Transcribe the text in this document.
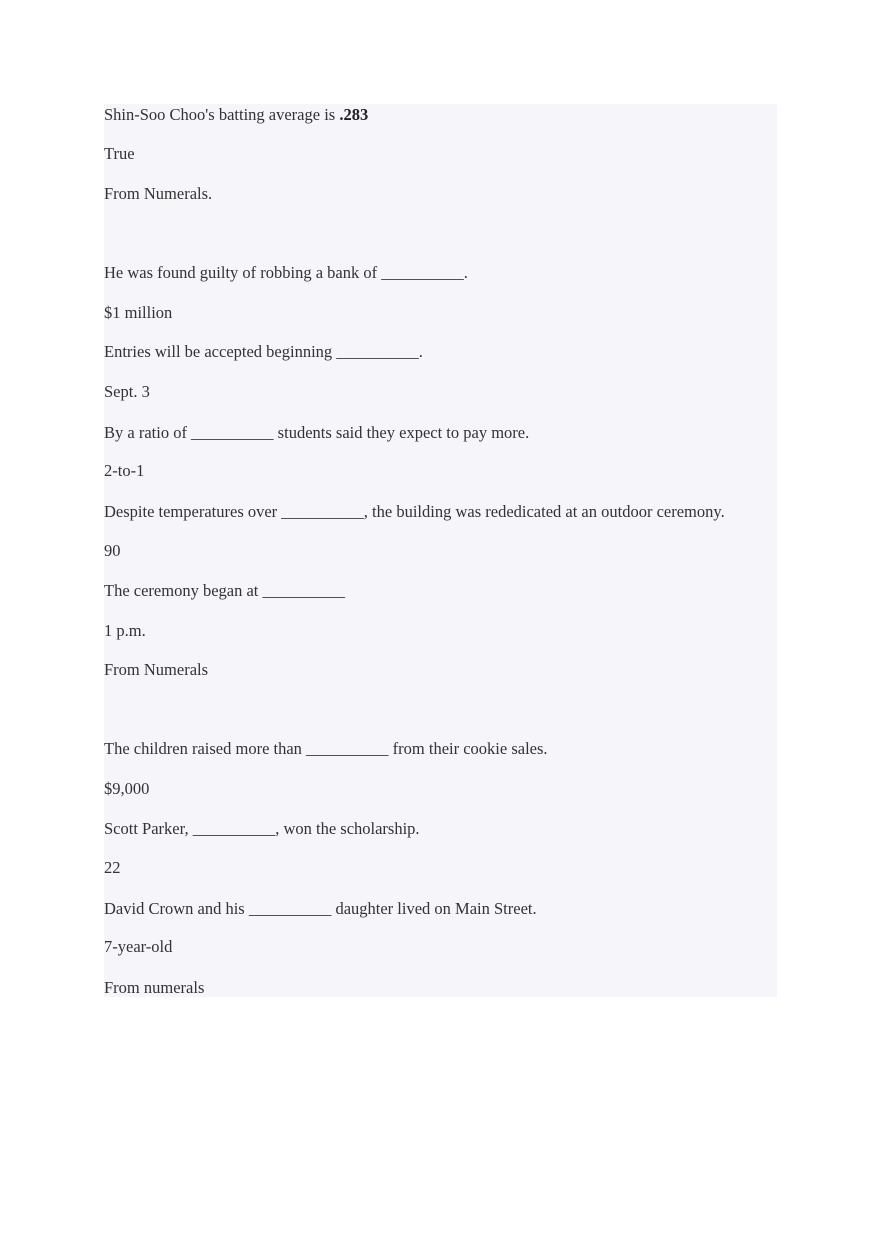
Shin-Soo Choo's batting average is .283
True
From Numerals.
He was found guilty of robbing a bank of __________.
$1 million
Entries will be accepted beginning __________.
Sept. 3
By a ratio of __________ students said they expect to pay more.
2-to-1
Despite temperatures over __________, the building was rededicated at an outdoor ceremony.
90
The ceremony began at __________
1 p.m.
From Numerals
The children raised more than __________ from their cookie sales.
$9,000
Scott Parker, __________, won the scholarship.
22
David Crown and his __________ daughter lived on Main Street.
7-year-old
From numerals
